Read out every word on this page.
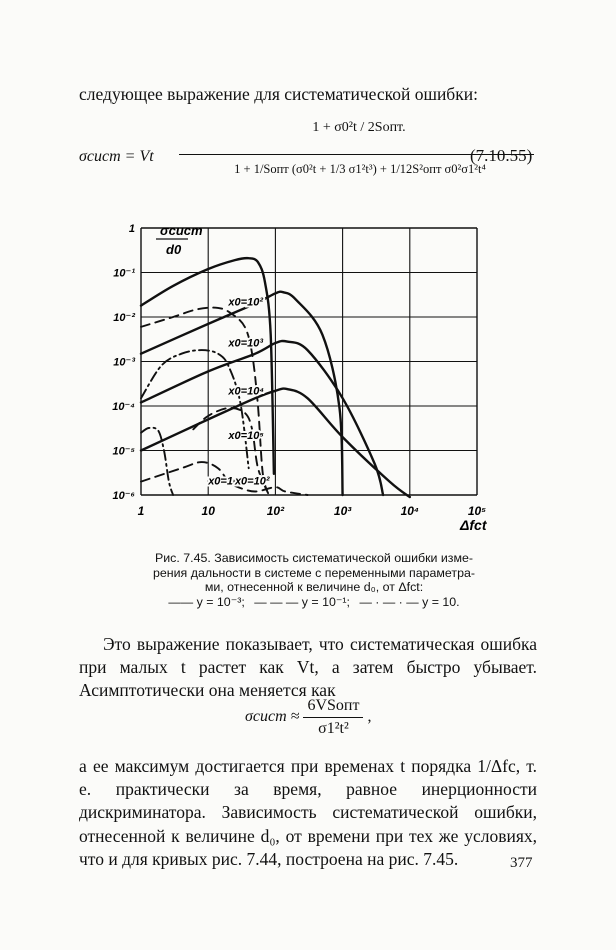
следующее выражение для систематической ошибки:
σсист = Vt
1 + σ0²t / 2Sопт.
1 + 1/Sопт (σ0²t + 1/3 σ1²t³) + 1/12S²опт σ0²σ1²t⁴
(7.10.55)
1	10	10²	10³	10⁴	10⁵
1
10⁻¹
10⁻²
10⁻³
10⁻⁴
10⁻⁵
10⁻⁶
x0=10²
x0=10³
x0=10⁴
x0=10⁵
x0=10³
x0=10²
σсист
d0
Δfct

Рис. 7.45. Зависимость систематической ошибки изме-

рения дальности в системе с переменными параметра-

ми, отнесенной к величине d₀, от Δfсt:

—— y = 10⁻³; — — — y = 10⁻¹; — · — · — y = 10.

Это выражение показывает, что систематическая ошибка при малых t растет как Vt, а затем быстро убывает. Асимптотически она меняется как
σсист ≈ $\frac{\text{6VSопт}}{\text{σ1²t²}}$ ,
а ее максимум достигается при временах t порядка 1/Δfс, т. е. практически за время, равное инерционности дискриминатора. Зависимость систематической ошибки, отнесенной к величине d₀, от времени при тех же условиях, что и для кривых рис. 7.44, построена на рис. 7.45.	377
